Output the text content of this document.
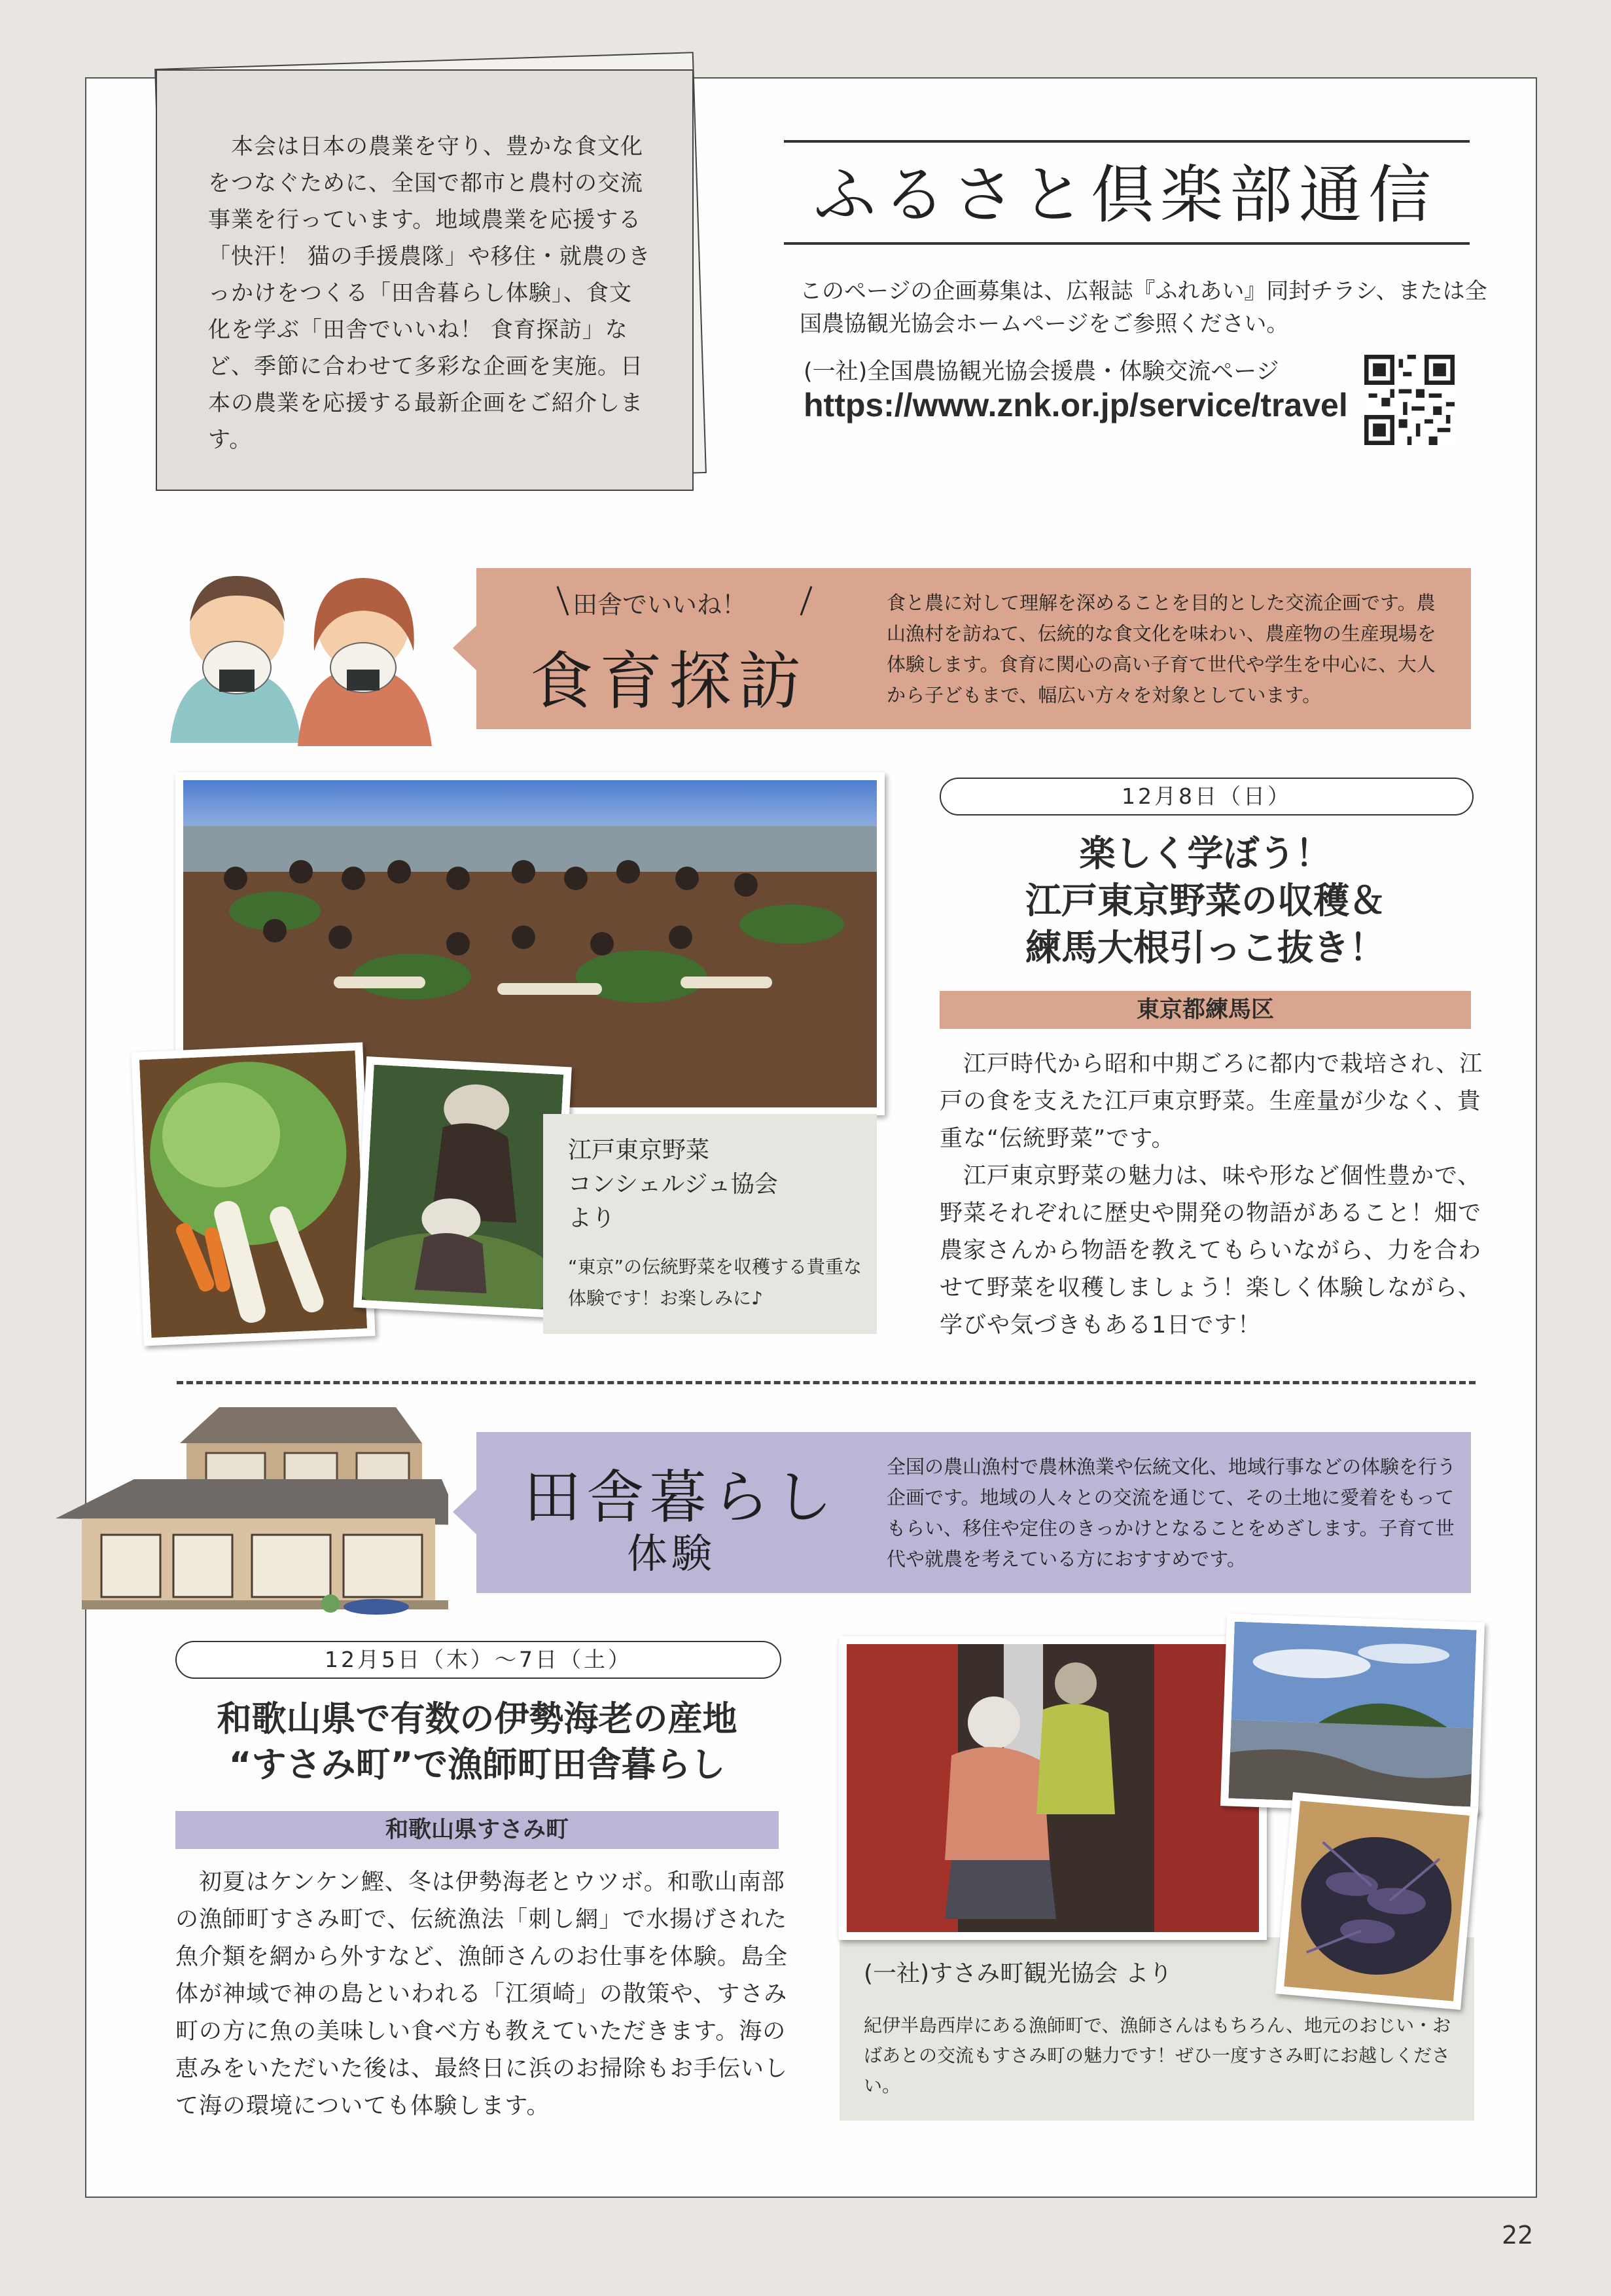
　本会は日本の農業を守り、豊かな食文化をつなぐために、全国で都市と農村の交流事業を行っています。地域農業を応援する「快汗！ 猫の手援農隊」や移住・就農のきっかけをつくる「田舎暮らし体験」、食文化を学ぶ「田舎でいいね！ 食育探訪」など、季節に合わせて多彩な企画を実施。日本の農業を応援する最新企画をご紹介します。
ふるさと倶楽部通信
このページの企画募集は、広報誌『ふれあい』同封チラシ、または全国農協観光協会ホームページをご参照ください。
(一社)全国農協観光協会援農・体験交流ページ
https://www.znk.or.jp/service/travel
田舎でいいね！
食育探訪
食と農に対して理解を深めることを目的とした交流企画です。農山漁村を訪ねて、伝統的な食文化を味わい、農産物の生産現場を体験します。食育に関心の高い子育て世代や学生を中心に、大人から子どもまで、幅広い方々を対象としています。
江戸東京野菜
コンシェルジュ協会
より
“東京”の伝統野菜を収穫する貴重な体験です！お楽しみに♪
12月8日（日）
楽しく学ぼう！
江戸東京野菜の収穫＆
練馬大根引っこ抜き！
東京都練馬区
　江戸時代から昭和中期ごろに都内で栽培され、江戸の食を支えた江戸東京野菜。生産量が少なく、貴重な“伝統野菜”です。
　江戸東京野菜の魅力は、味や形など個性豊かで、野菜それぞれに歴史や開発の物語があること！畑で農家さんから物語を教えてもらいながら、力を合わせて野菜を収穫しましょう！楽しく体験しながら、学びや気づきもある1日です！
田舎暮らし
体験
全国の農山漁村で農林漁業や伝統文化、地域行事などの体験を行う企画です。地域の人々との交流を通じて、その土地に愛着をもってもらい、移住や定住のきっかけとなることをめざします。子育て世代や就農を考えている方におすすめです。
12月5日（木）～7日（土）
和歌山県で有数の伊勢海老の産地
“すさみ町”で漁師町田舎暮らし
和歌山県すさみ町
　初夏はケンケン鰹、冬は伊勢海老とウツボ。和歌山南部の漁師町すさみ町で、伝統漁法「刺し網」で水揚げされた魚介類を網から外すなど、漁師さんのお仕事を体験。島全体が神域で神の島といわれる「江須崎」の散策や、すさみ町の方に魚の美味しい食べ方も教えていただきます。海の恵みをいただいた後は、最終日に浜のお掃除もお手伝いして海の環境についても体験します。
(一社)すさみ町観光協会 より
紀伊半島西岸にある漁師町で、漁師さんはもちろん、地元のおじい・おばあとの交流もすさみ町の魅力です！ぜひ一度すさみ町にお越しください。
22
